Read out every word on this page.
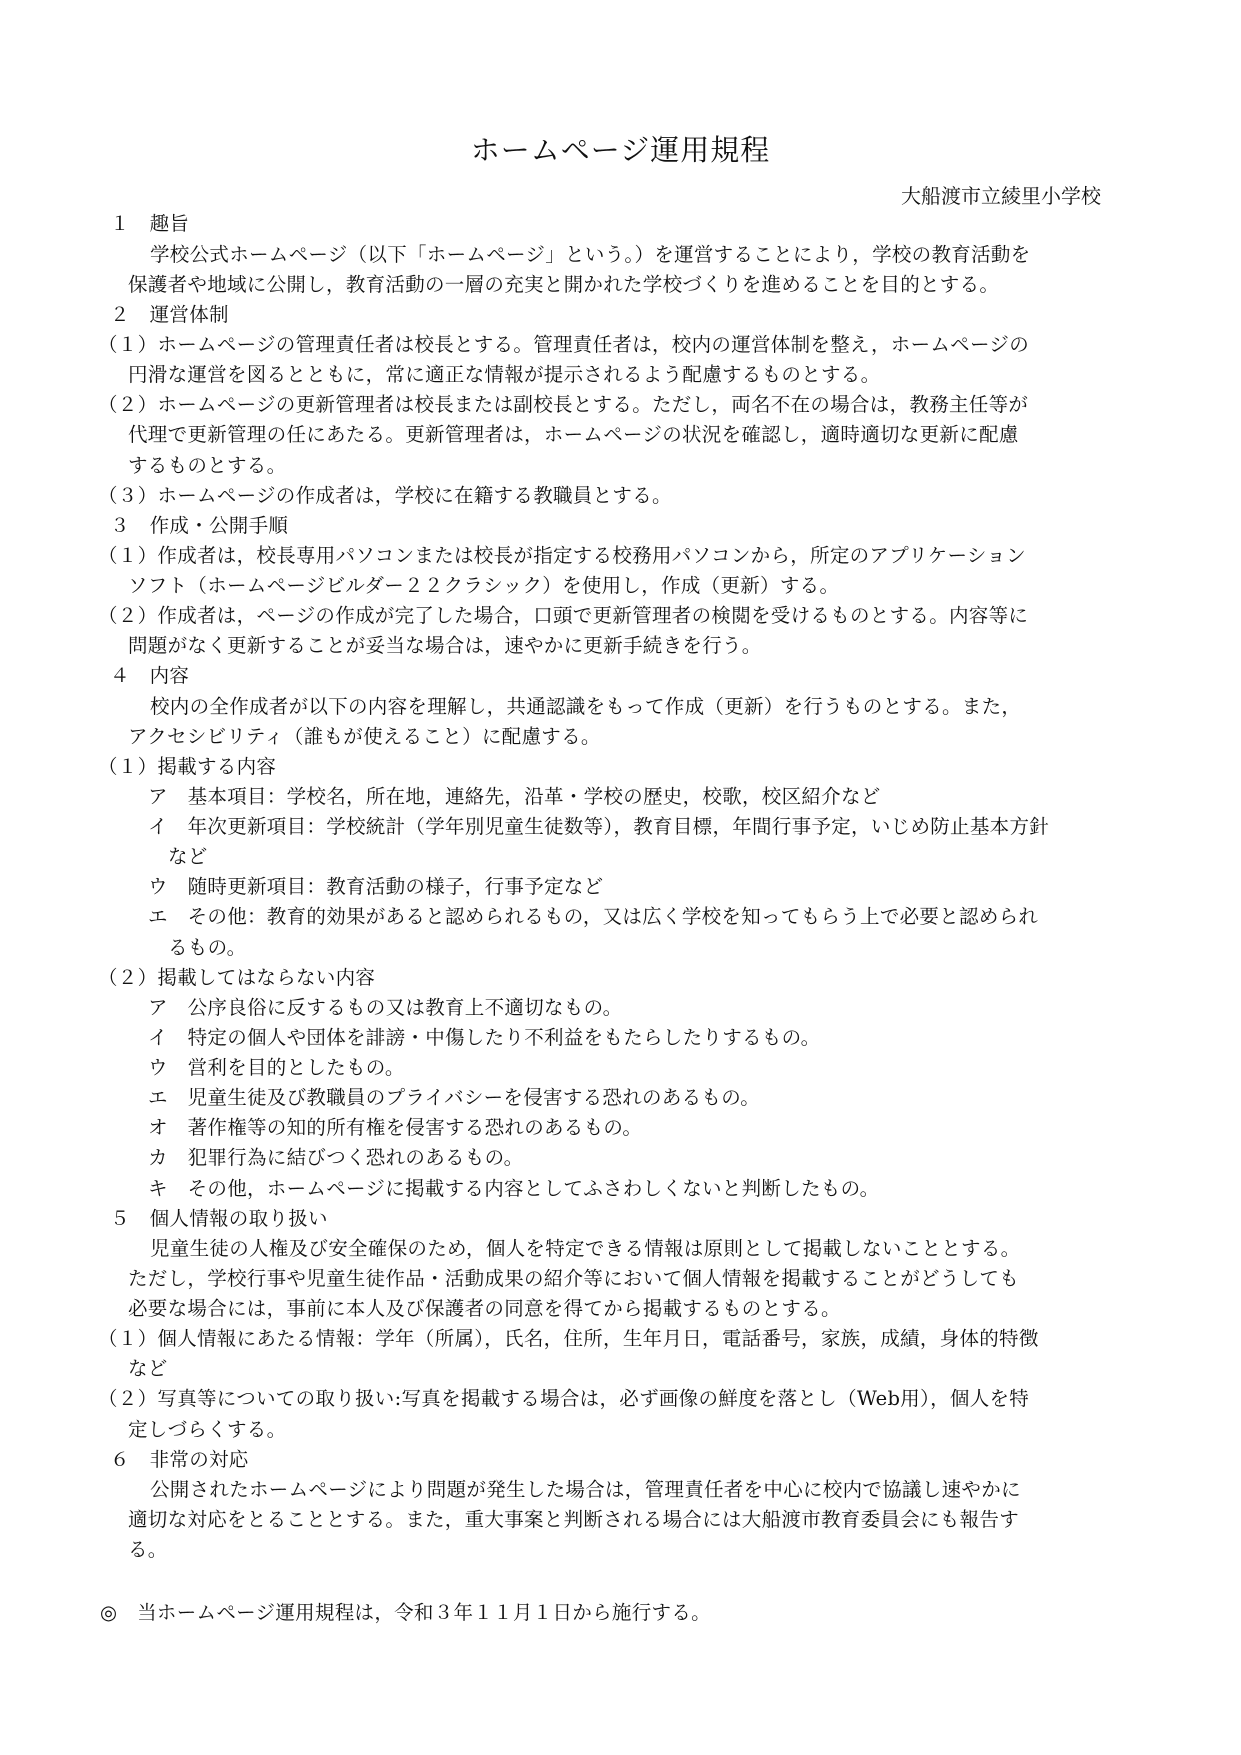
ホームページ運用規程
大船渡市立綾里小学校
１　趣旨
学校公式ホームページ（以下「ホームページ」という。）を運営することにより，学校の教育活動を
保護者や地域に公開し，教育活動の一層の充実と開かれた学校づくりを進めることを目的とする。
２　運営体制
（１）ホームページの管理責任者は校長とする。管理責任者は，校内の運営体制を整え，ホームページの
円滑な運営を図るとともに，常に適正な情報が提示されるよう配慮するものとする。
（２）ホームページの更新管理者は校長または副校長とする。ただし，両名不在の場合は，教務主任等が
代理で更新管理の任にあたる。更新管理者は，ホームページの状況を確認し，適時適切な更新に配慮
するものとする。
（３）ホームページの作成者は，学校に在籍する教職員とする。
３　作成・公開手順
（１）作成者は，校長専用パソコンまたは校長が指定する校務用パソコンから，所定のアプリケーション
ソフト（ホームページビルダー２２クラシック）を使用し，作成（更新）する。
（２）作成者は，ページの作成が完了した場合，口頭で更新管理者の検閲を受けるものとする。内容等に
問題がなく更新することが妥当な場合は，速やかに更新手続きを行う。
４　内容
校内の全作成者が以下の内容を理解し，共通認識をもって作成（更新）を行うものとする。また，
アクセシビリティ（誰もが使えること）に配慮する。
（１）掲載する内容
ア　基本項目：学校名，所在地，連絡先，沿革・学校の歴史，校歌，校区紹介など
イ　年次更新項目：学校統計（学年別児童生徒数等），教育目標，年間行事予定，いじめ防止基本方針
など
ウ　随時更新項目：教育活動の様子，行事予定など
エ　その他：教育的効果があると認められるもの，又は広く学校を知ってもらう上で必要と認められ
るもの。
（２）掲載してはならない内容
ア　公序良俗に反するもの又は教育上不適切なもの。
イ　特定の個人や団体を誹謗・中傷したり不利益をもたらしたりするもの。
ウ　営利を目的としたもの。
エ　児童生徒及び教職員のプライバシーを侵害する恐れのあるもの。
オ　著作権等の知的所有権を侵害する恐れのあるもの。
カ　犯罪行為に結びつく恐れのあるもの。
キ　その他，ホームページに掲載する内容としてふさわしくないと判断したもの。
５　個人情報の取り扱い
児童生徒の人権及び安全確保のため，個人を特定できる情報は原則として掲載しないこととする。
ただし，学校行事や児童生徒作品・活動成果の紹介等において個人情報を掲載することがどうしても
必要な場合には，事前に本人及び保護者の同意を得てから掲載するものとする。
（１）個人情報にあたる情報：学年（所属），氏名，住所，生年月日，電話番号，家族，成績，身体的特徴
など
（２）写真等についての取り扱い:写真を掲載する場合は，必ず画像の鮮度を落とし（Web用），個人を特
定しづらくする。
６　非常の対応
公開されたホームページにより問題が発生した場合は，管理責任者を中心に校内で協議し速やかに
適切な対応をとることとする。また，重大事案と判断される場合には大船渡市教育委員会にも報告す
る。
◎　当ホームページ運用規程は，令和３年１１月１日から施行する。
